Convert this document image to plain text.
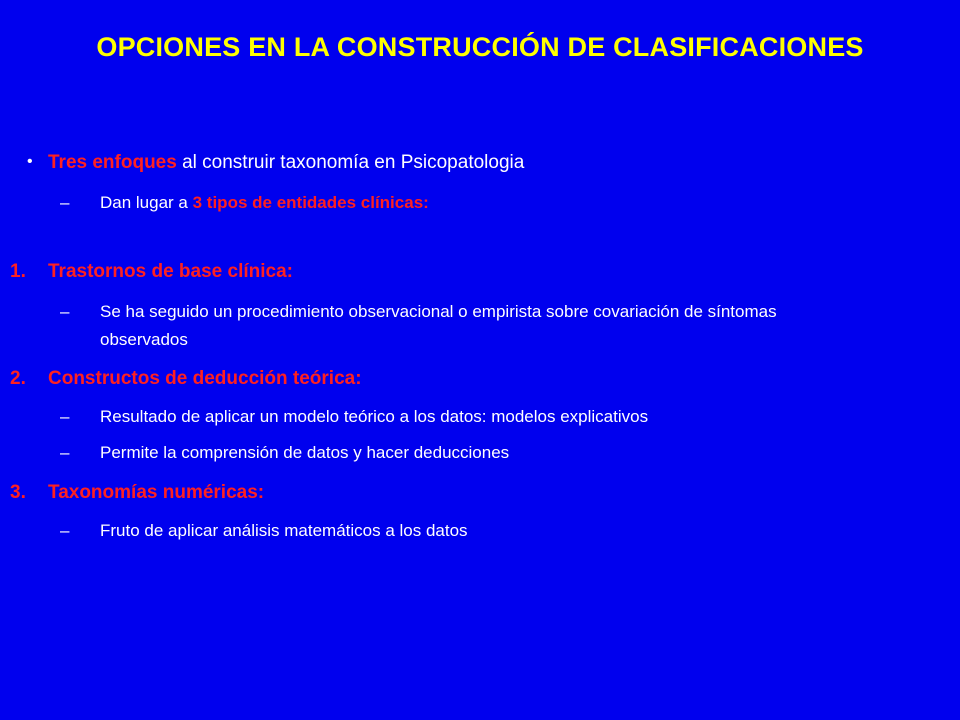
OPCIONES EN LA CONSTRUCCIÓN DE CLASIFICACIONES
• Tres enfoques al construir taxonomía en Psicopatologia
– Dan lugar a 3 tipos de entidades clínicas:
1. Trastornos de base clínica:
– Se ha seguido un procedimiento observacional o empirista sobre covariación de síntomas
observados
2. Constructos de deducción teórica:
– Resultado de aplicar un modelo teórico a los datos: modelos explicativos
– Permite la comprensión de datos y hacer deducciones
3. Taxonomías numéricas:
– Fruto de aplicar análisis matemáticos a los datos
